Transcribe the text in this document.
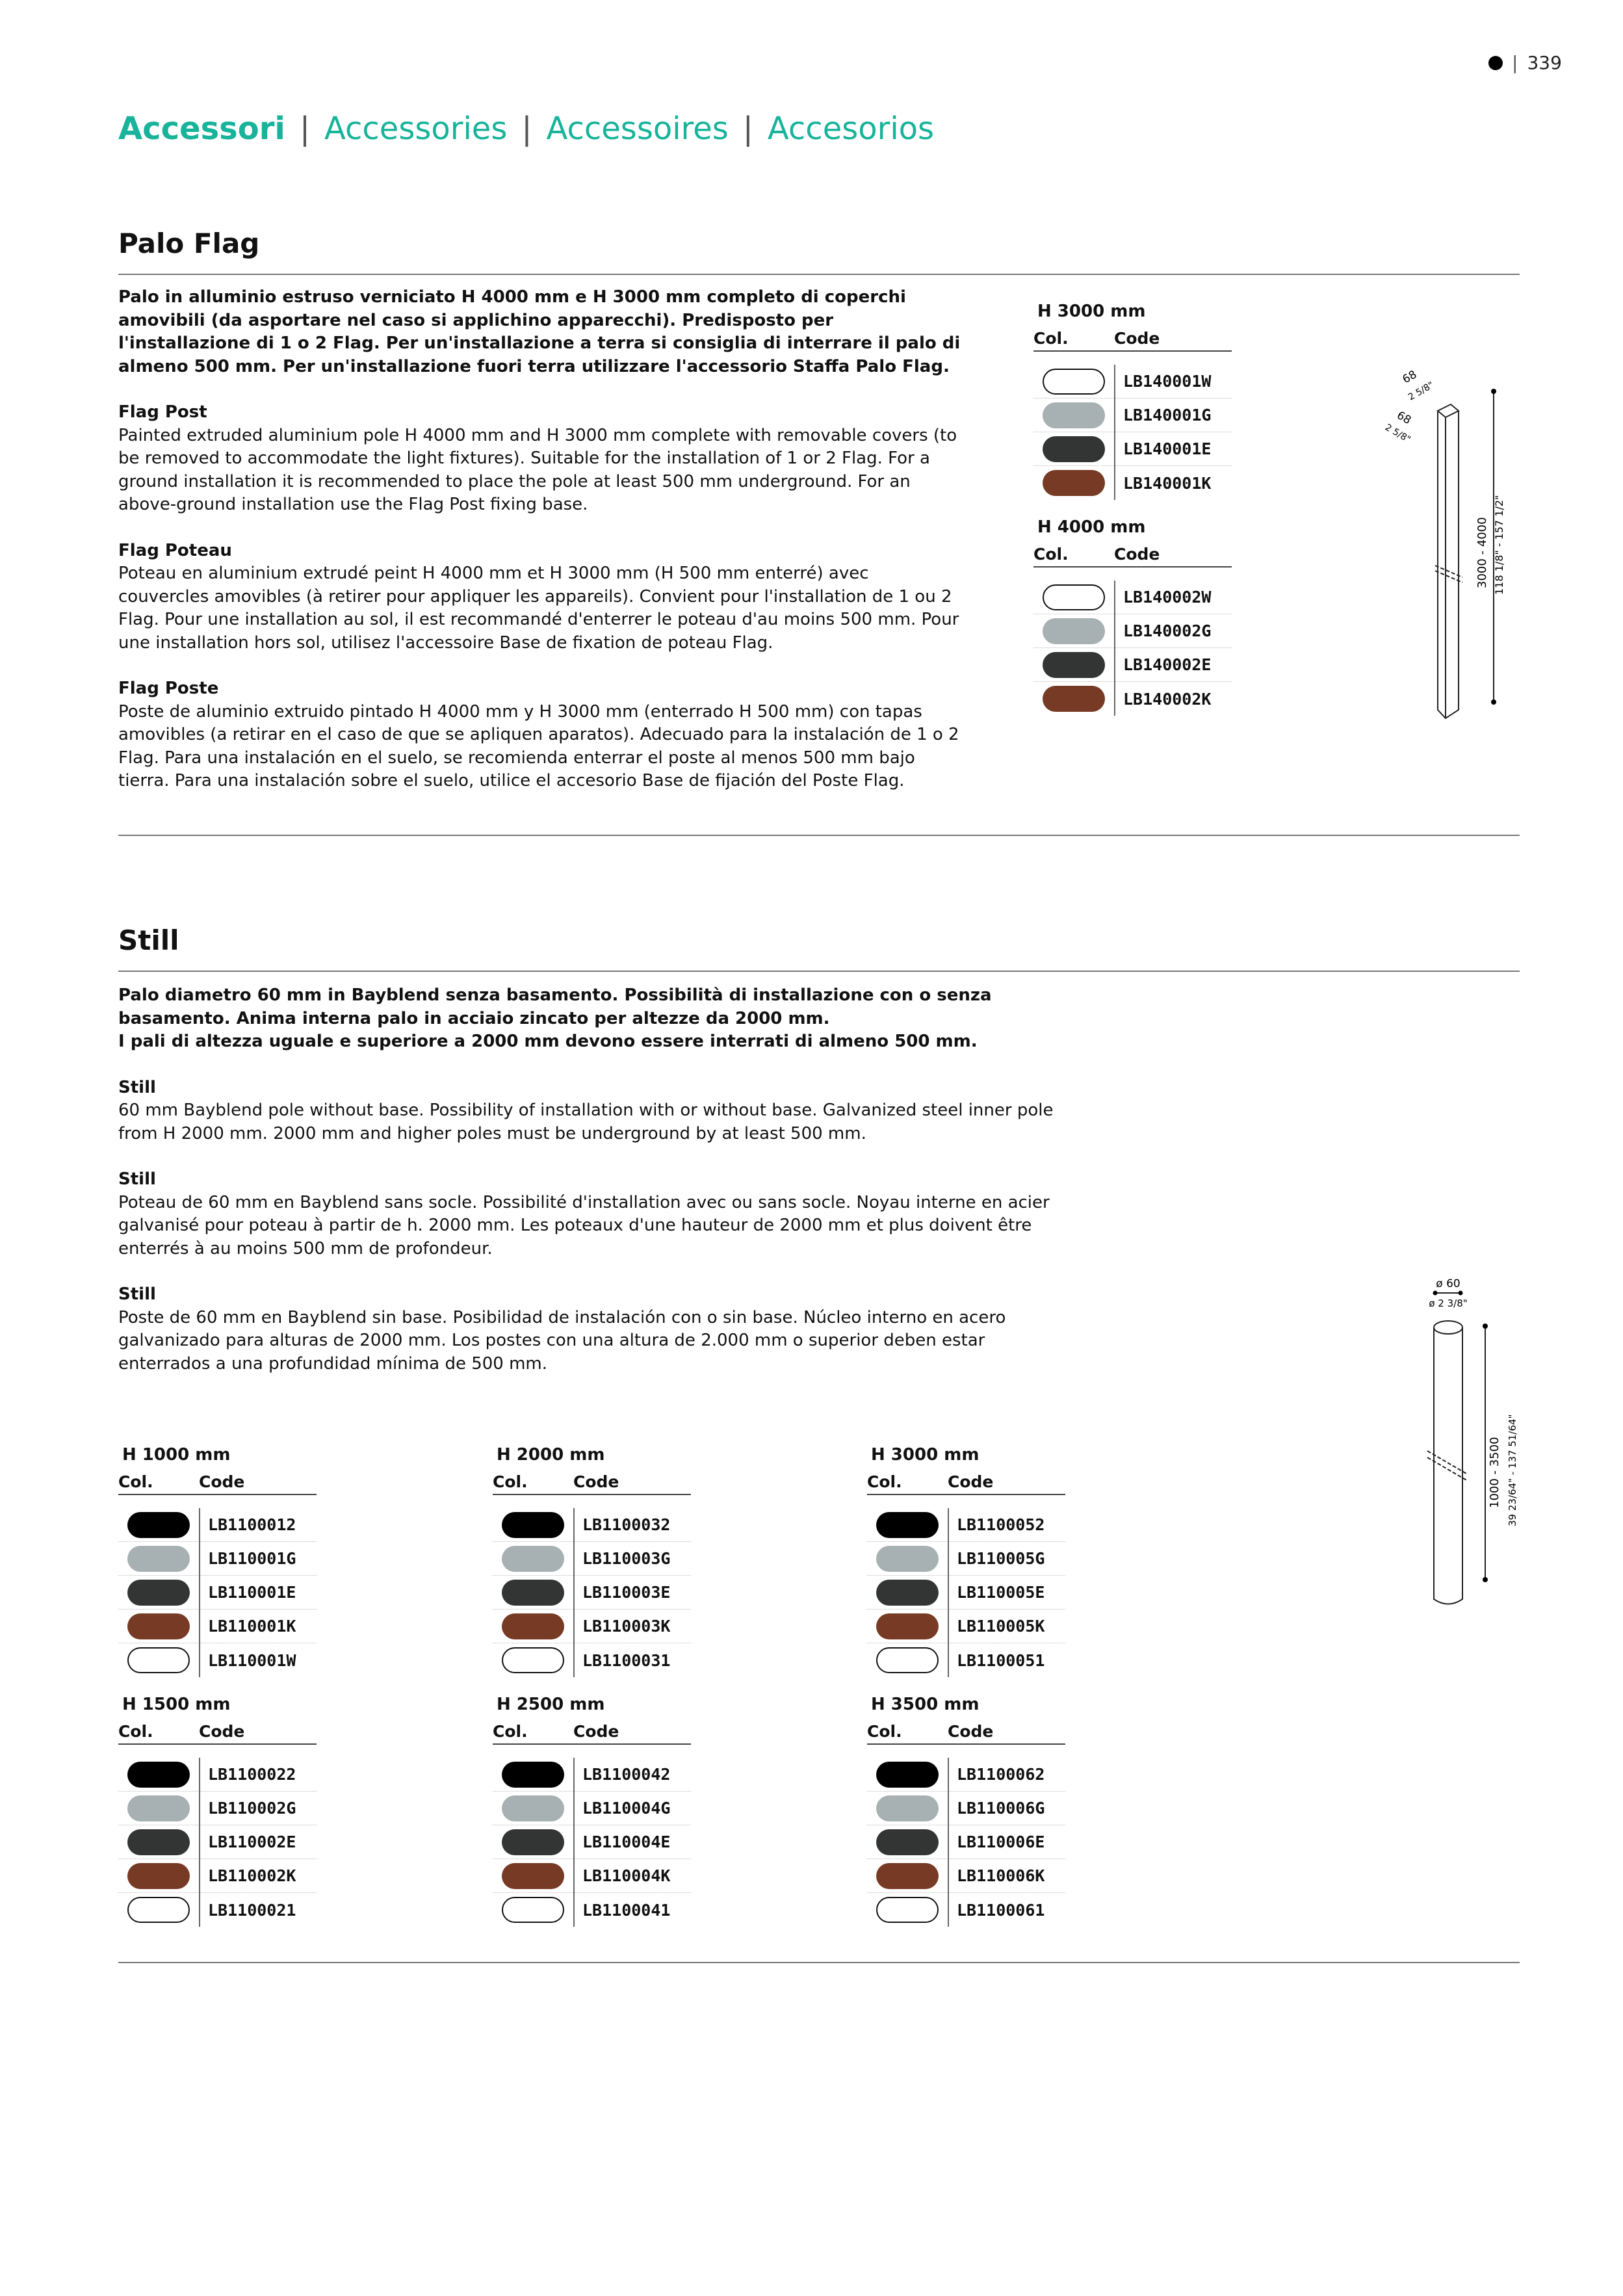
| 339
Accessori | Accessories | Accessoires | Accesorios
Palo Flag

Palo in alluminio estruso verniciato H 4000 mm e H 3000 mm completo di coperchi amovibili (da asportare nel caso si applichino apparecchi). Predisposto per l'installazione di 1 o 2 Flag. Per un'installazione a terra si consiglia di interrare il palo di almeno 500 mm. Per un'installazione fuori terra utilizzare l'accessorio Staffa Palo Flag.

Flag Post

Painted extruded aluminium pole H 4000 mm and H 3000 mm complete with removable covers (to be removed to accommodate the light fixtures). Suitable for the installation of 1 or 2 Flag. For a ground installation it is recommended to place the pole at least 500 mm underground. For an above-ground installation use the Flag Post fixing base.

Flag Poteau

Poteau en aluminium extrudé peint H 4000 mm et H 3000 mm (H 500 mm enterré) avec couvercles amovibles (à retirer pour appliquer les appareils). Convient pour l'installation de 1 ou 2 Flag. Pour une installation au sol, il est recommandé d'enterrer le poteau d'au moins 500 mm. Pour une installation hors sol, utilisez l'accessoire Base de fixation de poteau Flag.

Flag Poste

Poste de aluminio extruido pintado H 4000 mm y H 3000 mm (enterrado H 500 mm) con tapas amovibles (a retirar en el caso de que se apliquen aparatos). Adecuado para la instalación de 1 o 2 Flag. Para una instalación en el suelo, se recomienda enterrar el poste al menos 500 mm bajo tierra. Para una instalación sobre el suelo, utilice el accesorio Base de fijación del Poste Flag.

H 3000 mm
Col.	Code
LB140001W
LB140001G
LB140001E
LB140001K
H 4000 mm
Col.	Code
LB140002W
LB140002G
LB140002E
LB140002K
68
2 5/8"
2 5/8"
68
3000 - 4000 118 1/8" - 157 1/2"
Still
Palo diametro 60 mm in Bayblend senza basamento. Possibilità di installazione con o senza basamento. Anima interna palo in acciaio zincato per altezze da 2000 mm.

I pali di altezza uguale e superiore a 2000 mm devono essere interrati di almeno 500 mm.

Still

60 mm Bayblend pole without base. Possibility of installation with or without base. Galvanized steel inner pole from H 2000 mm. 2000 mm and higher poles must be underground by at least 500 mm.

Still

Poteau de 60 mm en Bayblend sans socle. Possibilité d'installation avec ou sans socle. Noyau interne en acier galvanisé pour poteau à partir de h. 2000 mm. Les poteaux d'une hauteur de 2000 mm et plus doivent être enterrés à au moins 500 mm de profondeur.

Still

Poste de 60 mm en Bayblend sin base. Posibilidad de instalación con o sin base. Núcleo interno en acero galvanizado para alturas de 2000 mm. Los postes con una altura de 2.000 mm o superior deben estar enterrados a una profundidad mínima de 500 mm.

H 1000 mm
Col.	Code
LB1100012
LB110001G
LB110001E
LB110001K
LB110001W
H 2000 mm
Col.	Code
LB1100032
LB110003G
LB110003E
LB110003K
LB1100031
H 3000 mm
Col.	Code
LB1100052
LB110005G
LB110005E
LB110005K
LB1100051
H 1500 mm
Col.	Code
LB1100022
LB110002G
LB110002E
LB110002K
LB1100021
H 2500 mm
Col.	Code
LB1100042
LB110004G
LB110004E
LB110004K
LB1100041
H 3500 mm
Col.	Code
LB1100062
LB110006G
LB110006E
LB110006K
LB1100061
ø 60
ø 2 3/8"
1000 - 3500 39 23/64" - 137 51/64"
